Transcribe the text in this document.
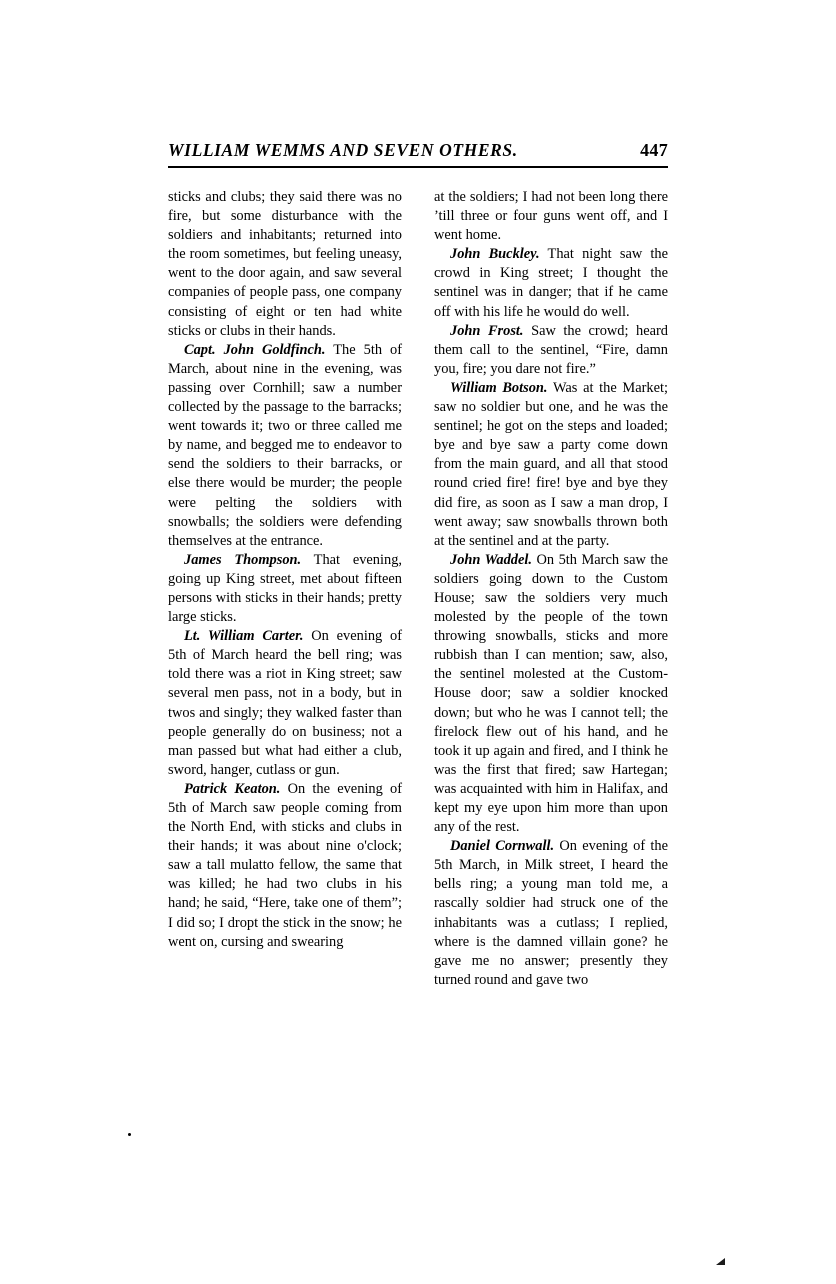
WILLIAM WEMMS AND SEVEN OTHERS.	447

sticks and clubs; they said there was no fire, but some disturbance with the soldiers and inhabitants; returned into the room sometimes, but feeling uneasy, went to the door again, and saw several companies of people pass, one company consisting of eight or ten had white sticks or clubs in their hands.

Capt. John Goldfinch. The 5th of March, about nine in the evening, was passing over Cornhill; saw a number collected by the passage to the barracks; went towards it; two or three called me by name, and begged me to endeavor to send the soldiers to their barracks, or else there would be murder; the people were pelting the soldiers with snowballs; the soldiers were defending themselves at the entrance.

James Thompson. That evening, going up King street, met about fifteen persons with sticks in their hands; pretty large sticks.

Lt. William Carter. On evening of 5th of March heard the bell ring; was told there was a riot in King street; saw several men pass, not in a body, but in twos and singly; they walked faster than people generally do on business; not a man passed but what had either a club, sword, hanger, cutlass or gun.

Patrick Keaton. On the evening of 5th of March saw people coming from the North End, with sticks and clubs in their hands; it was about nine o'clock; saw a tall mulatto fellow, the same that was killed; he had two clubs in his hand; he said, “Here, take one of them”; I did so; I dropt the stick in the snow; he went on, cursing and swearing

at the soldiers; I had not been long there ’till three or four guns went off, and I went home.

John Buckley. That night saw the crowd in King street; I thought the sentinel was in danger; that if he came off with his life he would do well.

John Frost. Saw the crowd; heard them call to the sentinel, “Fire, damn you, fire; you dare not fire.”

William Botson. Was at the Market; saw no soldier but one, and he was the sentinel; he got on the steps and loaded; bye and bye saw a party come down from the main guard, and all that stood round cried fire! fire! bye and bye they did fire, as soon as I saw a man drop, I went away; saw snowballs thrown both at the sentinel and at the party.

John Waddel. On 5th March saw the soldiers going down to the Custom House; saw the soldiers very much molested by the people of the town throwing snowballs, sticks and more rubbish than I can mention; saw, also, the sentinel molested at the Custom-House door; saw a soldier knocked down; but who he was I cannot tell; the firelock flew out of his hand, and he took it up again and fired, and I think he was the first that fired; saw Hartegan; was acquainted with him in Halifax, and kept my eye upon him more than upon any of the rest.

Daniel Cornwall. On evening of the 5th March, in Milk street, I heard the bells ring; a young man told me, a rascally soldier had struck one of the inhabitants was a cutlass; I replied, where is the damned villain gone? he gave me no answer; presently they turned round and gave two
